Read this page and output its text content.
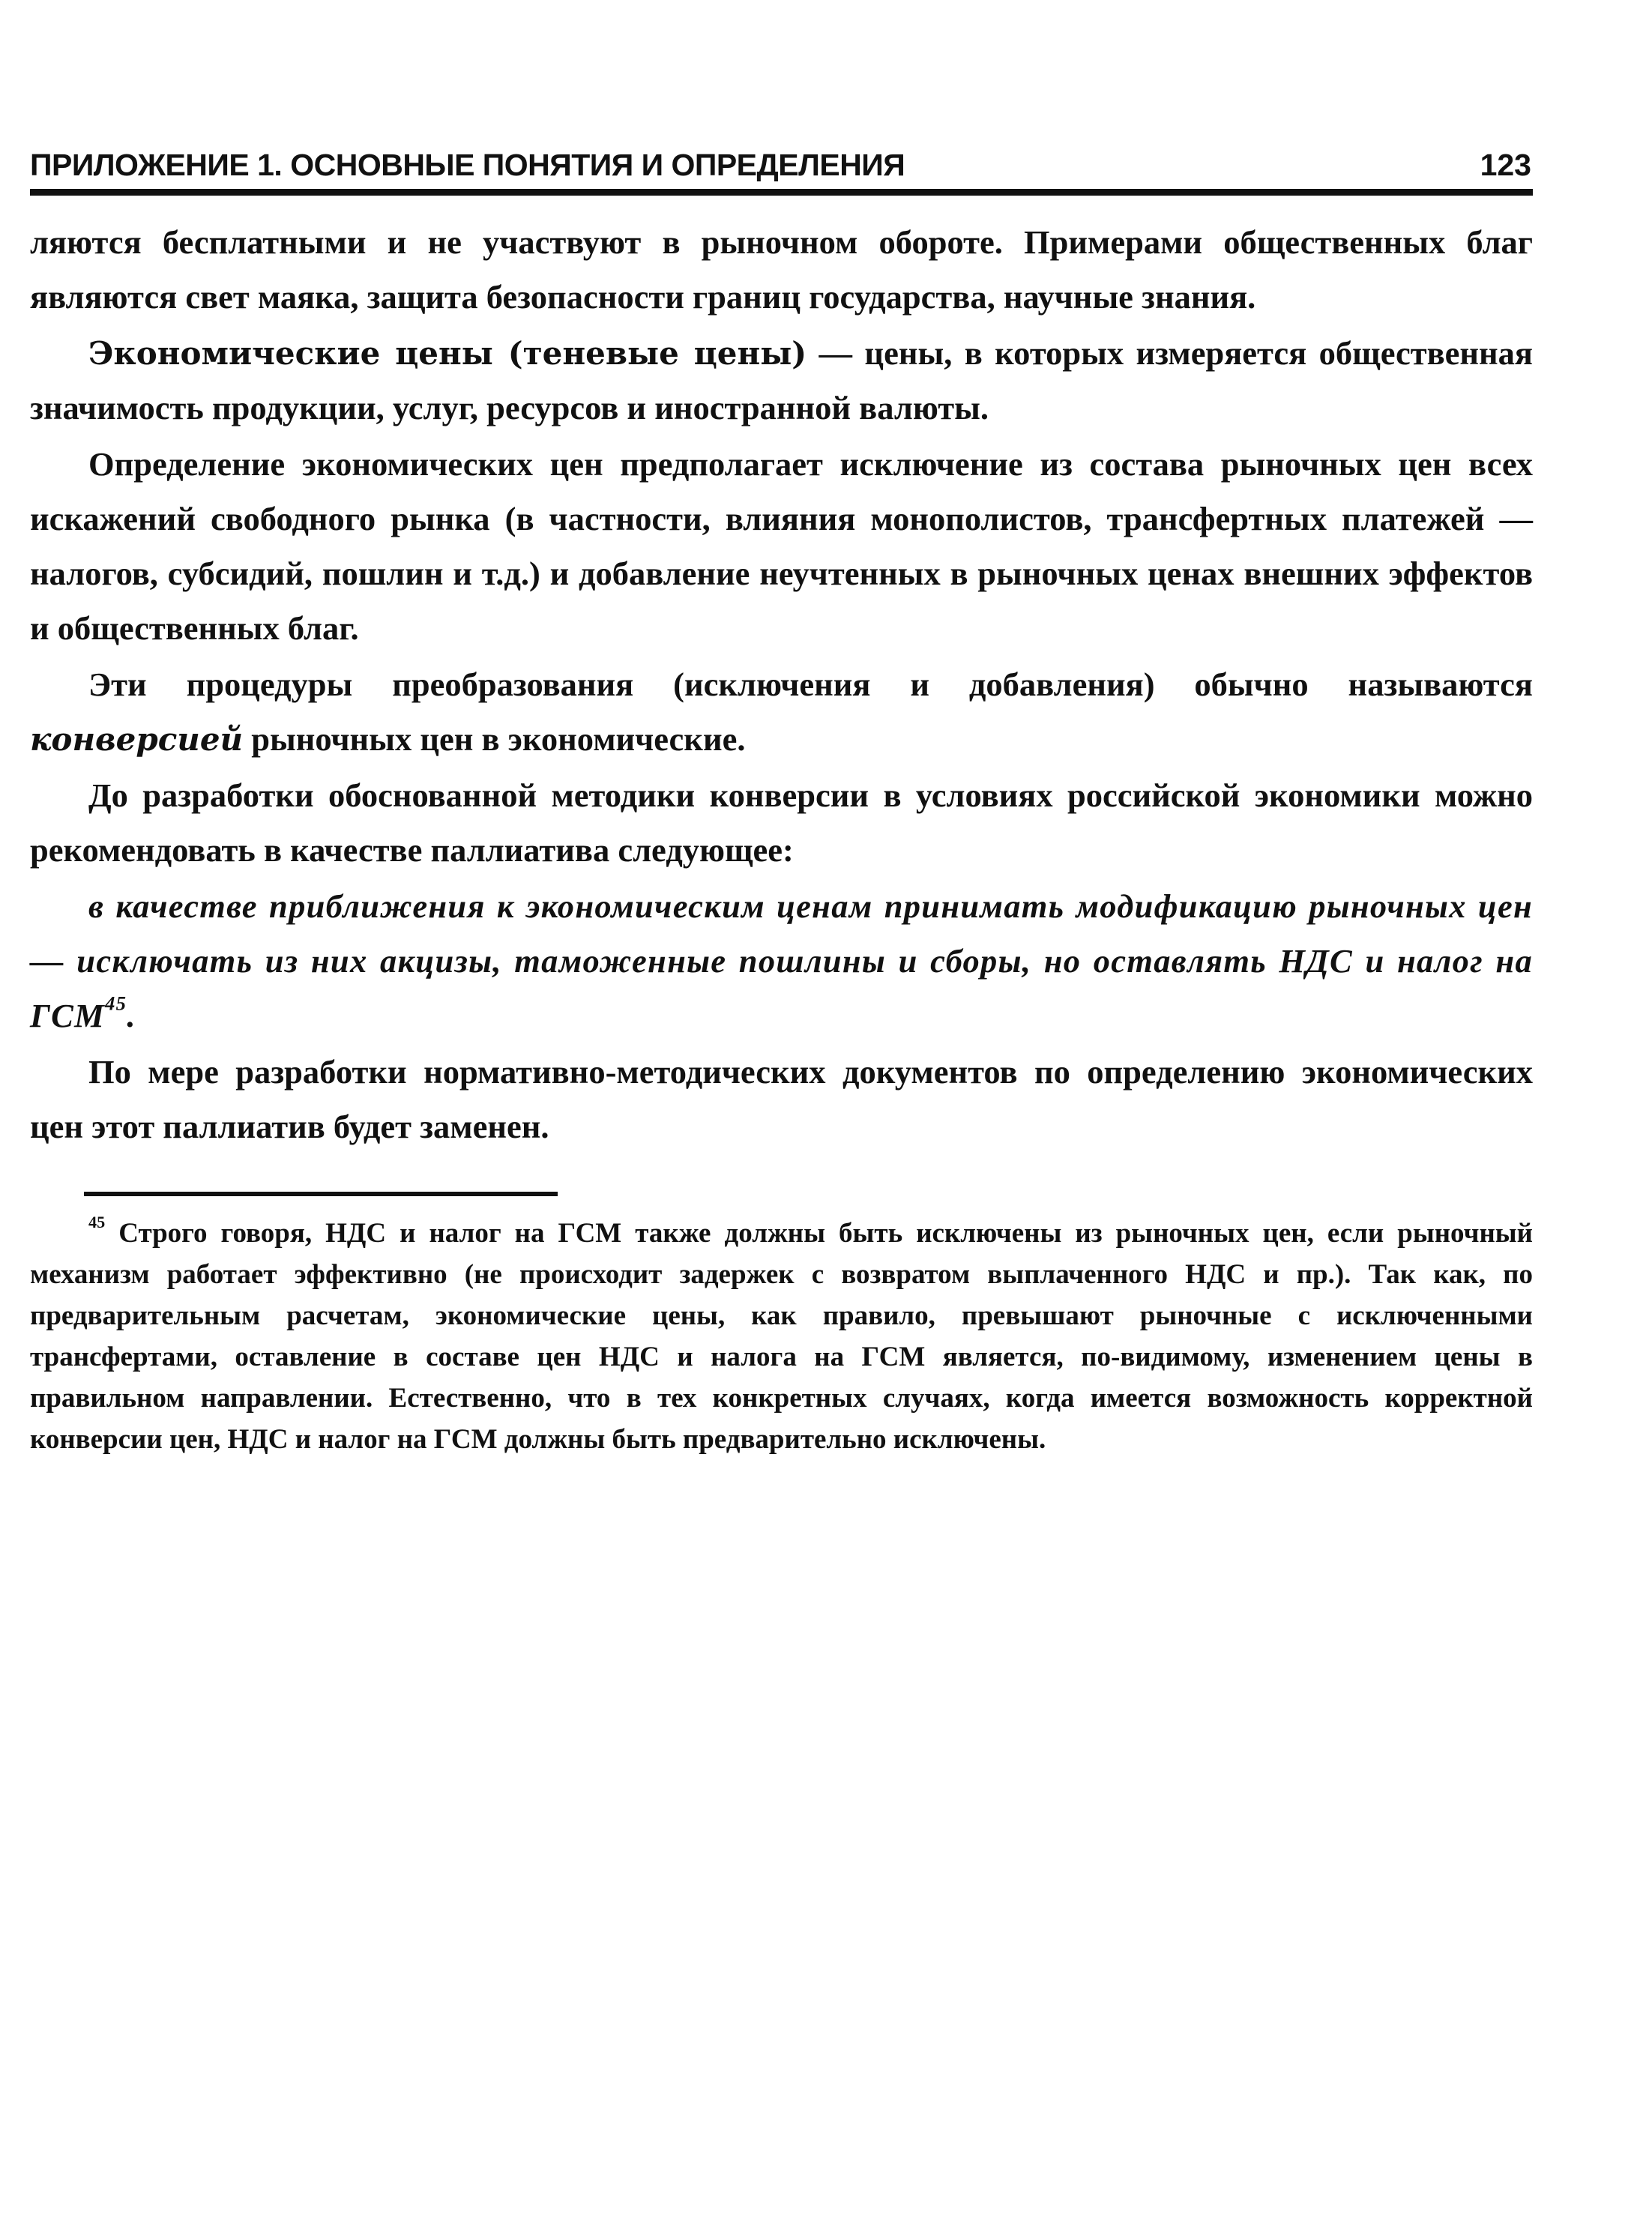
ПРИЛОЖЕНИЕ 1. ОСНОВНЫЕ ПОНЯТИЯ И ОПРЕДЕЛЕНИЯ	123

ляются бесплатными и не участвуют в рыночном обороте. Примерами общественных благ являются свет маяка, защита безопасности границ государства, научные знания.

Экономические цены (теневые цены) — цены, в которых измеряется общественная значимость продукции, услуг, ресурсов и иностранной валюты.

Определение экономических цен предполагает исключение из состава рыночных цен всех искажений свободного рынка (в частности, влияния монополистов, трансфертных платежей — налогов, субсидий, пошлин и т.д.) и добавление неучтенных в рыночных ценах внешних эффектов и общественных благ.

Эти процедуры преобразования (исключения и добавления) обычно называются конверсией рыночных цен в экономические.

До разработки обоснованной методики конверсии в условиях российской экономики можно рекомендовать в качестве паллиатива следующее:

в качестве приближения к экономическим ценам принимать модификацию рыночных цен — исключать из них акцизы, таможенные пошлины и сборы, но оставлять НДС и налог на ГСМ$^{45}$.

По мере разработки нормативно-методических документов по определению экономических цен этот паллиатив будет заменен.

$^{45}$ Строго говоря, НДС и налог на ГСМ также должны быть исключены из рыночных цен, если рыночный механизм работает эффективно (не происходит задержек с возвратом выплаченного НДС и пр.). Так как, по предварительным расчетам, экономические цены, как правило, превышают рыночные с исключенными трансфертами, оставление в составе цен НДС и налога на ГСМ является, по-видимому, изменением цены в правильном направлении. Естественно, что в тех конкретных случаях, когда имеется возможность корректной конверсии цен, НДС и налог на ГСМ должны быть предварительно исключены.
